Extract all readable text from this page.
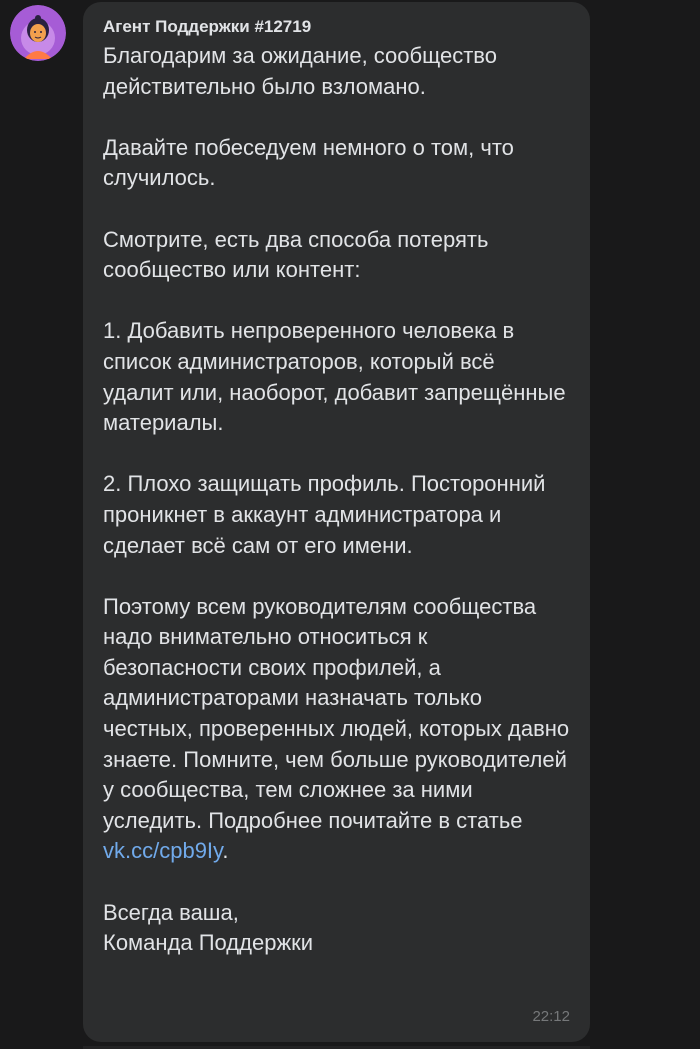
Агент Поддержки #12719

Благодарим за ожидание, сообщество действительно было взломано.

Давайте побеседуем немного о том, что случилось.

Смотрите, есть два способа потерять сообщество или контент:

1. Добавить непроверенного человека в список администраторов, который всё удалит или, наоборот, добавит запрещённые материалы.

2. Плохо защищать профиль. Посторонний проникнет в аккаунт администратора и сделает всё сам от его имени.

Поэтому всем руководителям сообщества надо внимательно относиться к безопасности своих профилей, а администраторами назначать только честных, проверенных людей, которых давно знаете. Помните, чем больше руководителей у сообщества, тем сложнее за ними уследить. Подробнее почитайте в статье vk.cc/cpb9Iy.

Всегда ваша,

Команда Поддержки

22:12
